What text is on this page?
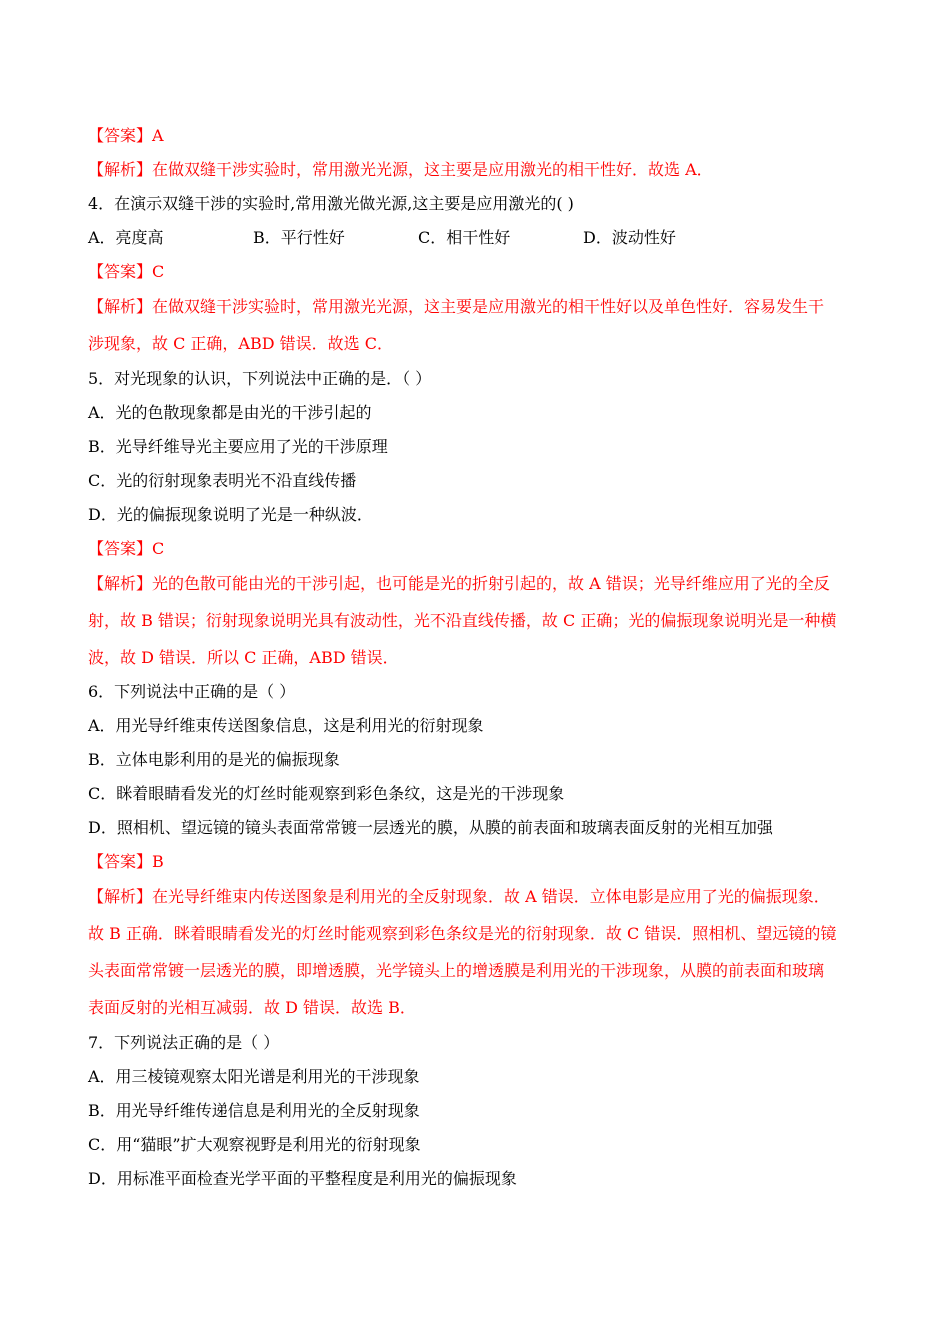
【答案】A
【解析】在做双缝干涉实验时，常用激光光源，这主要是应用激光的相干性好．故选 A．
4．在演示双缝干涉的实验时,常用激光做光源,这主要是应用激光的( )
A．亮度高	B．平行性好	C．相干性好	D．波动性好
【答案】C
【解析】在做双缝干涉实验时，常用激光光源，这主要是应用激光的相干性好以及单色性好．容易发生干
涉现象，故 C 正确，ABD 错误．故选 C．
5．对光现象的认识，下列说法中正确的是．（ ）
A．光的色散现象都是由光的干涉引起的
B．光导纤维导光主要应用了光的干涉原理
C．光的衍射现象表明光不沿直线传播
D．光的偏振现象说明了光是一种纵波．
【答案】C
【解析】光的色散可能由光的干涉引起，也可能是光的折射引起的，故 A 错误；光导纤维应用了光的全反
射，故 B 错误；衍射现象说明光具有波动性，光不沿直线传播，故 C 正确；光的偏振现象说明光是一种横
波，故 D 错误．所以 C 正确，ABD 错误．
6．下列说法中正确的是（ ）
A．用光导纤维束传送图象信息，这是利用光的衍射现象
B．立体电影利用的是光的偏振现象
C．眯着眼睛看发光的灯丝时能观察到彩色条纹，这是光的干涉现象
D．照相机、望远镜的镜头表面常常镀一层透光的膜，从膜的前表面和玻璃表面反射的光相互加强
【答案】B
【解析】在光导纤维束内传送图象是利用光的全反射现象．故 A 错误．立体电影是应用了光的偏振现象．
故 B 正确．眯着眼睛看发光的灯丝时能观察到彩色条纹是光的衍射现象．故 C 错误．照相机、望远镜的镜
头表面常常镀一层透光的膜，即增透膜，光学镜头上的增透膜是利用光的干涉现象，从膜的前表面和玻璃
表面反射的光相互减弱．故 D 错误．故选 B．
7．下列说法正确的是（ ）
A．用三棱镜观察太阳光谱是利用光的干涉现象
B．用光导纤维传递信息是利用光的全反射现象
C．用“猫眼”扩大观察视野是利用光的衍射现象
D．用标准平面检查光学平面的平整程度是利用光的偏振现象
